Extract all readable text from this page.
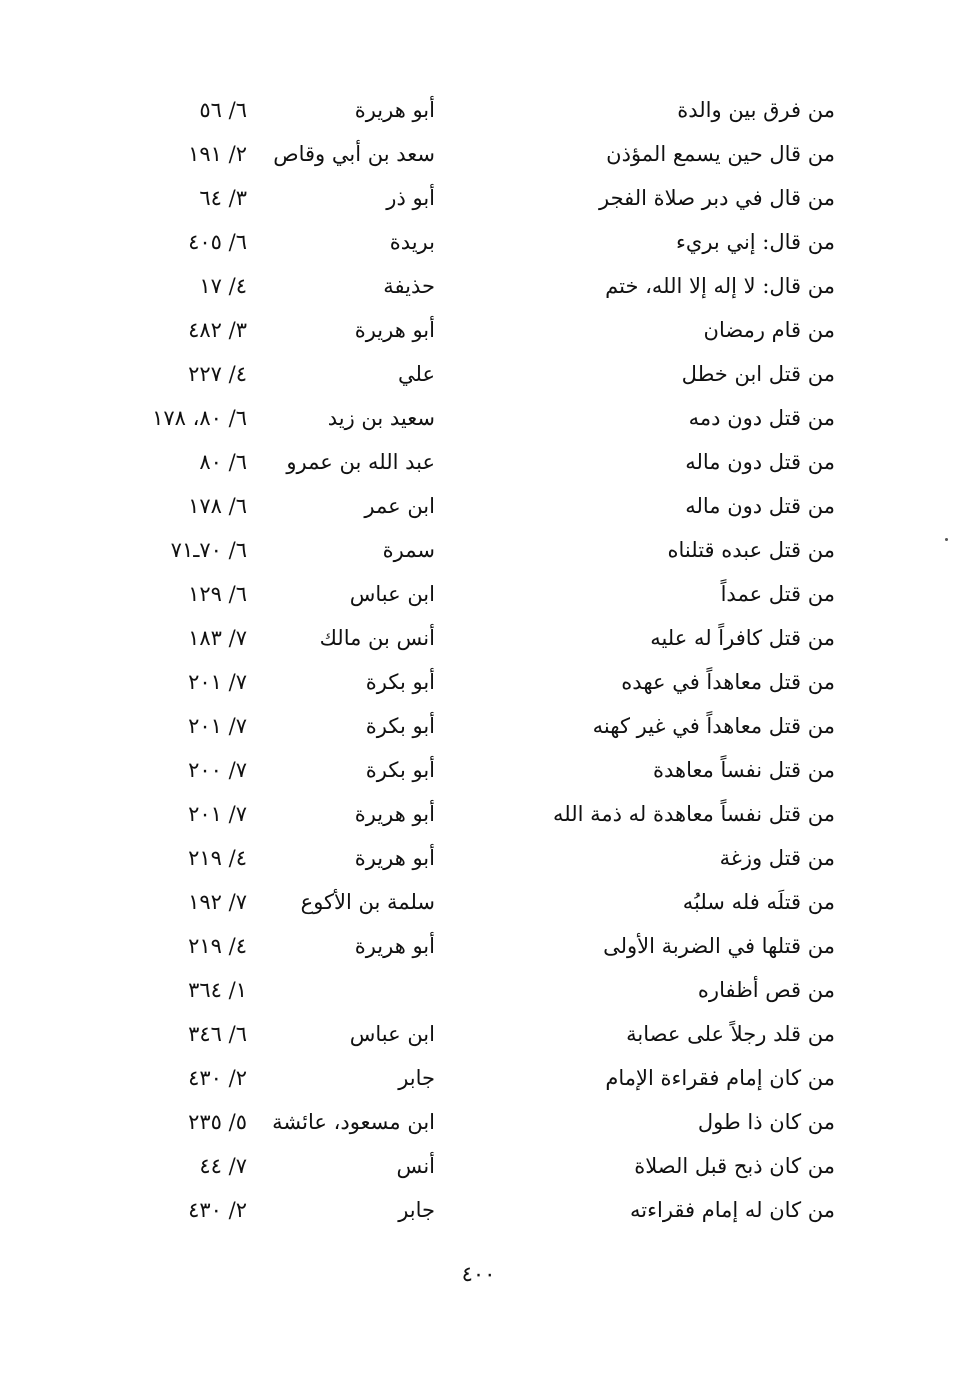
من فرق بين والدة
أبو هريرة
٦/ ٥٦
من قال حين يسمع المؤذن
سعد بن أبي وقاص
٢/ ١٩١
من قال في دبر صلاة الفجر
أبو ذر
٣/ ٦٤
من قال: إني بريء
بريدة
٦/ ٤٠٥
من قال: لا إله إلا الله، ختم
حذيفة
٤/ ١٧
من قام رمضان
أبو هريرة
٣/ ٤٨٢
من قتل ابن خطل
علي
٤/ ٢٢٧
من قتل دون دمه
سعيد بن زيد
٦/ ٨٠، ١٧٨
من قتل دون ماله
عبد الله بن عمرو
٦/ ٨٠
من قتل دون ماله
ابن عمر
٦/ ١٧٨
من قتل عبده قتلناه
سمرة
٦/ ٧٠ـ٧١
من قتل عمداً
ابن عباس
٦/ ١٢٩
من قتل كافراً له عليه
أنس بن مالك
٧/ ١٨٣
من قتل معاهداً في عهده
أبو بكرة
٧/ ٢٠١
من قتل معاهداً في غير كهنه
أبو بكرة
٧/ ٢٠١
من قتل نفساً معاهدة
أبو بكرة
٧/ ٢٠٠
من قتل نفساً معاهدة له ذمة الله
أبو هريرة
٧/ ٢٠١
من قتل وزغة
أبو هريرة
٤/ ٢١٩
من قتلَه فله سلبُه
سلمة بن الأكوع
٧/ ١٩٢
من قتلها في الضربة الأولى
أبو هريرة
٤/ ٢١٩
من قص أظفاره
١/ ٣٦٤
من قلد رجلاً على عصابة
ابن عباس
٦/ ٣٤٦
من كان إمام فقراءة الإمام
جابر
٢/ ٤٣٠
من كان ذا طول
ابن مسعود، عائشة
٥/ ٢٣٥
من كان ذبح قبل الصلاة
أنس
٧/ ٤٤
من كان له إمام فقراءته
جابر
٢/ ٤٣٠
٤٠٠
